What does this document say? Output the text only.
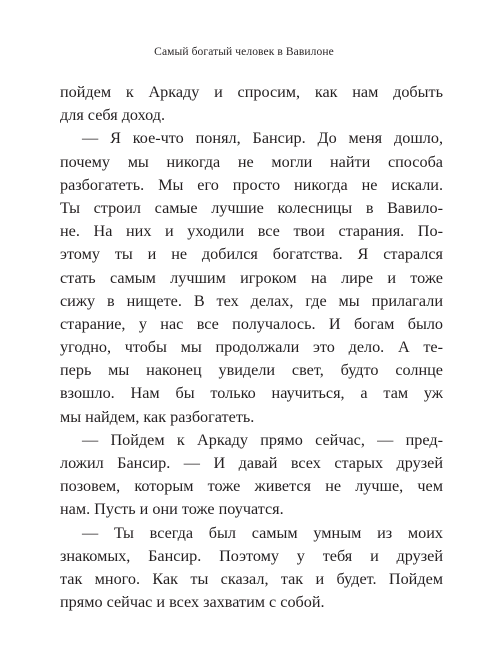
Самый богатый человек в Вавилоне
пойдем к Аркаду и спросим, как нам добыть
для себя доход.
— Я кое-что понял, Бансир. До меня дошло,
почему мы никогда не могли найти способа
разбогатеть. Мы его просто никогда не искали.
Ты строил самые лучшие колесницы в Вавило-
не. На них и уходили все твои старания. По-
этому ты и не добился богатства. Я старался
стать самым лучшим игроком на лире и тоже
сижу в нищете. В тех делах, где мы прилагали
старание, у нас все получалось. И богам было
угодно, чтобы мы продолжали это дело. А те-
перь мы наконец увидели свет, будто солнце
взошло. Нам бы только научиться, а там уж
мы найдем, как разбогатеть.
— Пойдем к Аркаду прямо сейчас, — пред-
ложил Бансир. — И давай всех старых друзей
позовем, которым тоже живется не лучше, чем
нам. Пусть и они тоже поучатся.
— Ты всегда был самым умным из моих
знакомых, Бансир. Поэтому у тебя и друзей
так много. Как ты сказал, так и будет. Пойдем
прямо сейчас и всех захватим с собой.
